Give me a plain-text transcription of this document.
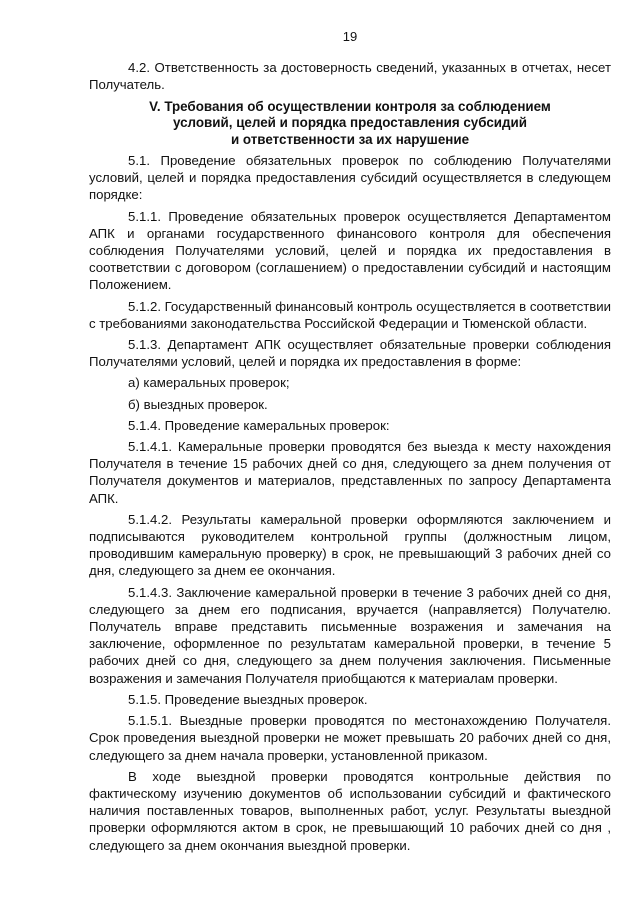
19

4.2. Ответственность за достоверность сведений, указанных в отчетах, несет Получатель.

V. Требования об осуществлении контроля за соблюдением
условий, целей и порядка предоставления субсидий
и ответственности за их нарушение

5.1. Проведение обязательных проверок по соблюдению Получателями условий, целей и порядка предоставления субсидий осуществляется в следующем порядке:

5.1.1. Проведение обязательных проверок осуществляется Департаментом АПК и органами государственного финансового контроля для обеспечения соблюдения Получателями условий, целей и порядка их предоставления в соответствии с договором (соглашением) о предоставлении субсидий и настоящим Положением.

5.1.2. Государственный финансовый контроль осуществляется в соответствии с требованиями законодательства Российской Федерации и Тюменской области.

5.1.3. Департамент АПК осуществляет обязательные проверки соблюдения Получателями условий, целей и порядка их предоставления в форме:

а) камеральных проверок;

б) выездных проверок.

5.1.4. Проведение камеральных проверок:

5.1.4.1. Камеральные проверки проводятся без выезда к месту нахождения Получателя в течение 15 рабочих дней со дня, следующего за днем получения от Получателя документов и материалов, представленных по запросу Департамента АПК.

5.1.4.2. Результаты камеральной проверки оформляются заключением и подписываются руководителем контрольной группы (должностным лицом, проводившим камеральную проверку) в срок, не превышающий 3 рабочих дней со дня, следующего за днем ее окончания.

5.1.4.3. Заключение камеральной проверки в течение 3 рабочих дней со дня, следующего за днем его подписания, вручается (направляется) Получателю. Получатель вправе представить письменные возражения и замечания на заключение, оформленное по результатам камеральной проверки, в течение 5 рабочих дней со дня, следующего за днем получения заключения. Письменные возражения и замечания Получателя приобщаются к материалам проверки.

5.1.5. Проведение выездных проверок.

5.1.5.1. Выездные проверки проводятся по местонахождению Получателя. Срок проведения выездной проверки не может превышать 20 рабочих дней со дня, следующего за днем начала проверки, установленной приказом.

В ходе выездной проверки проводятся контрольные действия по фактическому изучению документов об использовании субсидий и фактического наличия поставленных товаров, выполненных работ, услуг. Результаты выездной проверки оформляются актом в срок, не превышающий 10 рабочих дней со дня , следующего за днем окончания выездной проверки.
